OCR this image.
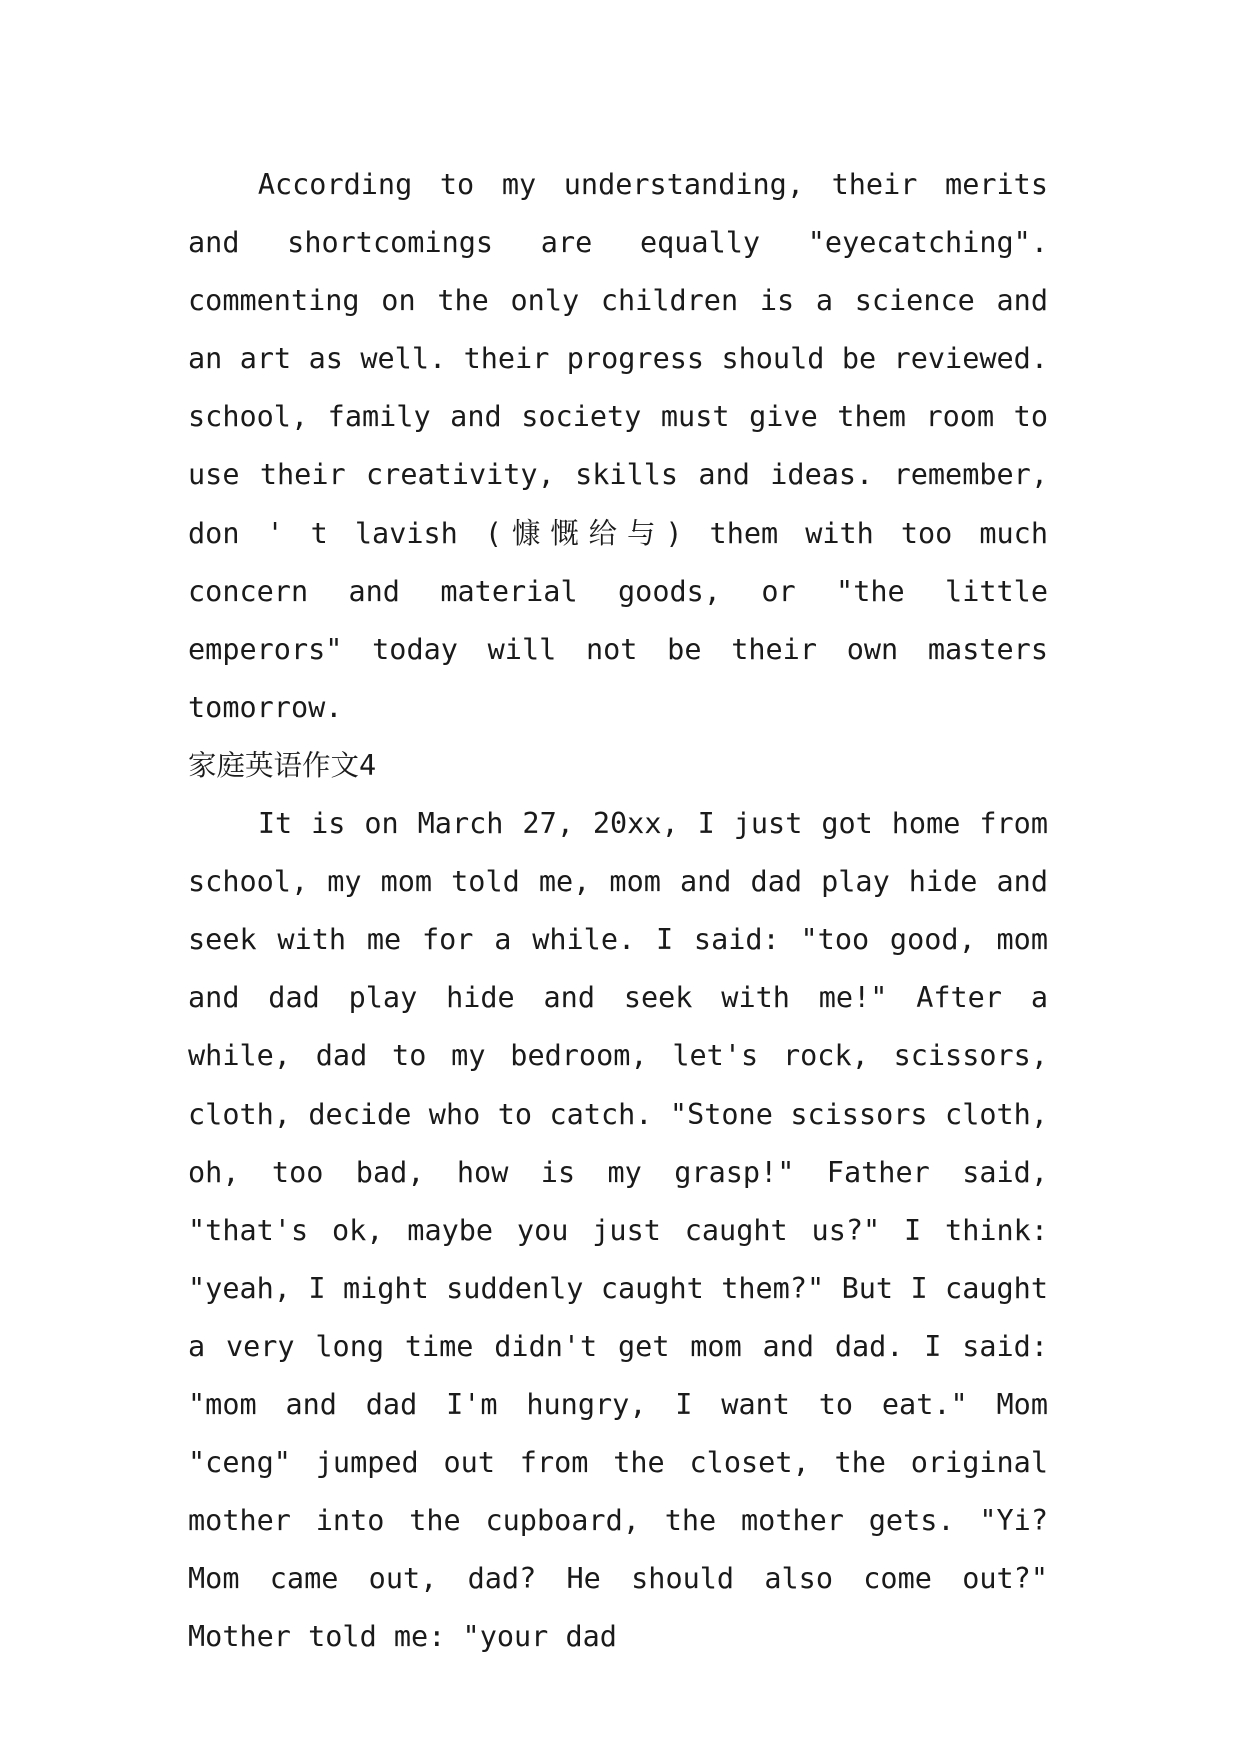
According to my understanding, their merits and shortcomings are equally "eyecatching". commenting on the only children is a science and an art as well. their progress should be reviewed. school, family and society must give them room to use their creativity, skills and ideas. remember, don ' t lavish (慷慨给与) them with too much concern and material goods, or "the little emperors" today will not be their own masters tomorrow.

家庭英语作文4

It is on March 27, 20xx, I just got home from school, my mom told me, mom and dad play hide and seek with me for a while. I said: "too good, mom and dad play hide and seek with me!" After a while, dad to my bedroom, let's rock, scissors, cloth, decide who to catch. "Stone scissors cloth, oh, too bad, how is my grasp!" Father said, "that's ok, maybe you just caught us?" I think: "yeah, I might suddenly caught them?" But I caught a very long time didn't get mom and dad. I said: "mom and dad I'm hungry, I want to eat." Mom "ceng" jumped out from the closet, the original mother into the cupboard, the mother gets. "Yi? Mom came out, dad? He should also come out?" Mother told me: "your dad
